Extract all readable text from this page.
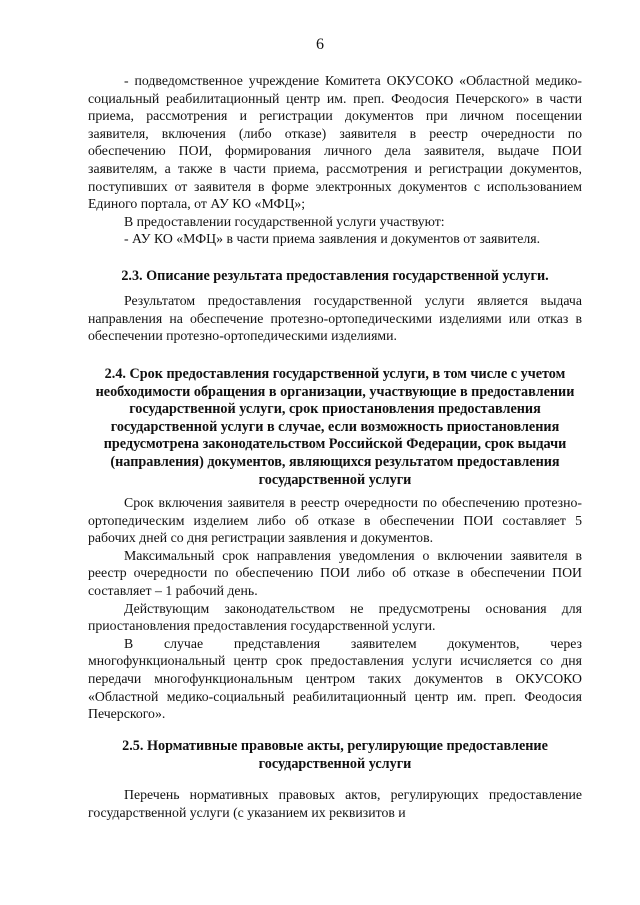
6

- подведомственное учреждение Комитета ОКУСОКО «Областной медико-социальный реабилитационный центр им. преп. Феодосия Печерского» в части приема, рассмотрения и регистрации документов при личном посещении заявителя, включения (либо отказе) заявителя в реестр очередности по обеспечению ПОИ, формирования личного дела заявителя, выдаче ПОИ заявителям, а также в части приема, рассмотрения и регистрации документов, поступивших от заявителя в форме электронных документов с использованием Единого портала, от АУ КО «МФЦ»;

В предоставлении государственной услуги участвуют:

- АУ КО «МФЦ» в части приема заявления и документов от заявителя.

2.3. Описание результата предоставления государственной услуги.

Результатом предоставления государственной услуги является выдача направления на обеспечение протезно-ортопедическими изделиями или отказ в обеспечении протезно-ортопедическими изделиями.

2.4. Срок предоставления государственной услуги, в том числе с учетом необходимости обращения в организации, участвующие в предоставлении государственной услуги, срок приостановления предоставления государственной услуги в случае, если возможность приостановления предусмотрена законодательством Российской Федерации, срок выдачи (направления) документов, являющихся результатом предоставления государственной услуги

Срок включения заявителя в реестр очередности по обеспечению протезно-ортопедическим изделием либо об отказе в обеспечении ПОИ составляет 5 рабочих дней со дня регистрации заявления и документов.

Максимальный срок направления уведомления о включении заявителя в реестр очередности по обеспечению ПОИ либо об отказе в обеспечении ПОИ составляет – 1 рабочий день.

Действующим законодательством не предусмотрены основания для приостановления предоставления государственной услуги.

В случае представления заявителем документов, через многофункциональный центр срок предоставления услуги исчисляется со дня передачи многофункциональным центром таких документов в ОКУСОКО «Областной медико-социальный реабилитационный центр им. преп. Феодосия Печерского».

2.5. Нормативные правовые акты, регулирующие предоставление государственной услуги

Перечень нормативных правовых актов, регулирующих предоставление государственной услуги (с указанием их реквизитов и
